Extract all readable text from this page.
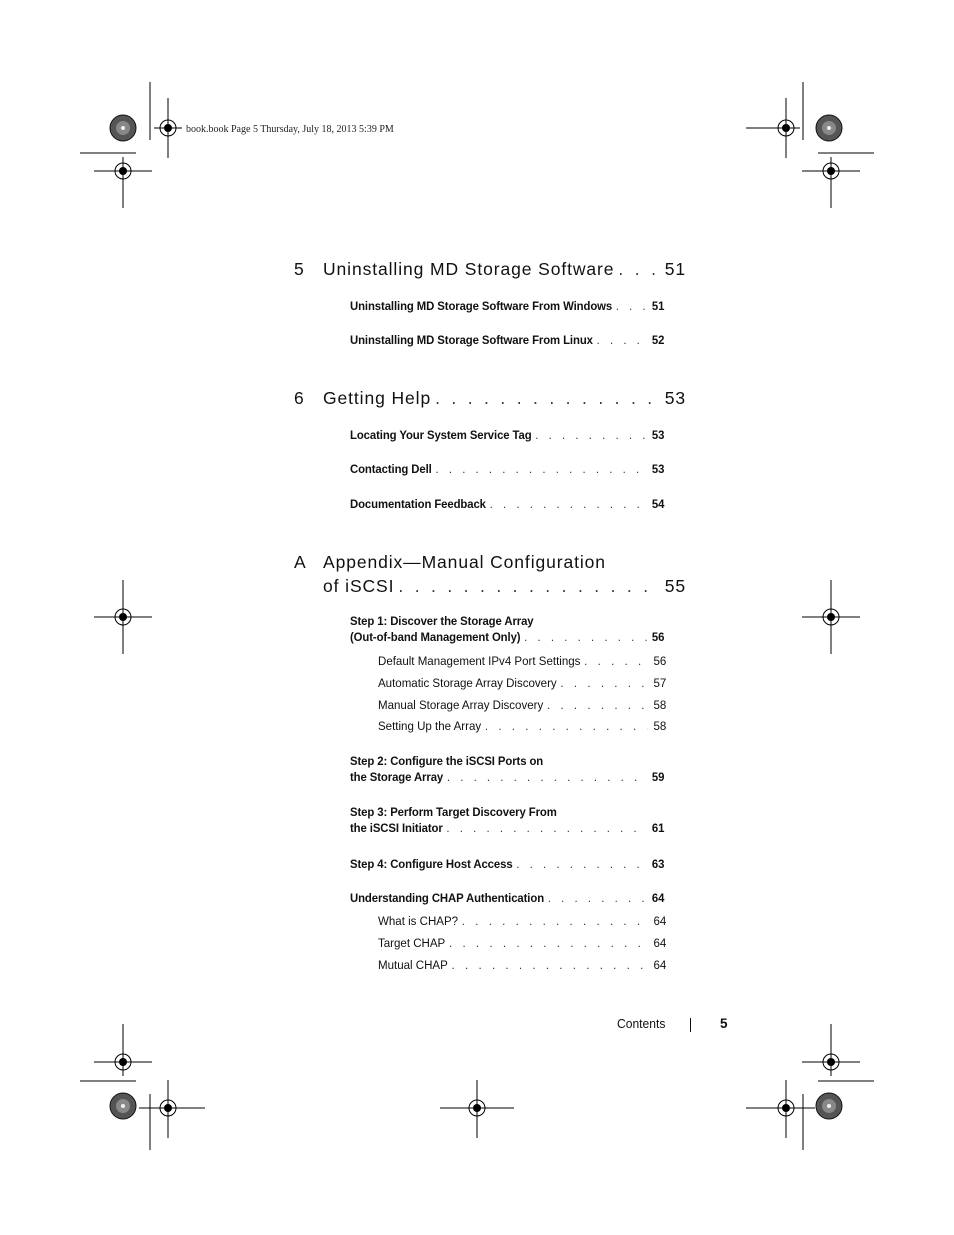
book.book Page 5 Thursday, July 18, 2013 5:39 PM
5 Uninstalling MD Storage Software . . .	51
Uninstalling MD Storage Software From Windows . . .	51
Uninstalling MD Storage Software From Linux . . .	52
6 Getting Help . . .	53
Locating Your System Service Tag . . .	53
Contacting Dell . . .	53
Documentation Feedback . . .	54
A Appendix—Manual Configuration
of iSCSI . . .	55
Step 1: Discover the Storage Array
(Out-of-band Management Only) . . .	56
Default Management IPv4 Port Settings . . .	56
Automatic Storage Array Discovery . . .	57
Manual Storage Array Discovery . . .	58
Setting Up the Array . . .	58
Step 2: Configure the iSCSI Ports on
the Storage Array . . .	59
Step 3: Perform Target Discovery From
the iSCSI Initiator . . .	61
Step 4: Configure Host Access . . .	63
Understanding CHAP Authentication . . .	64
What is CHAP? . . .	64
Target CHAP . . .	64
Mutual CHAP . . .	64
Contents	5
